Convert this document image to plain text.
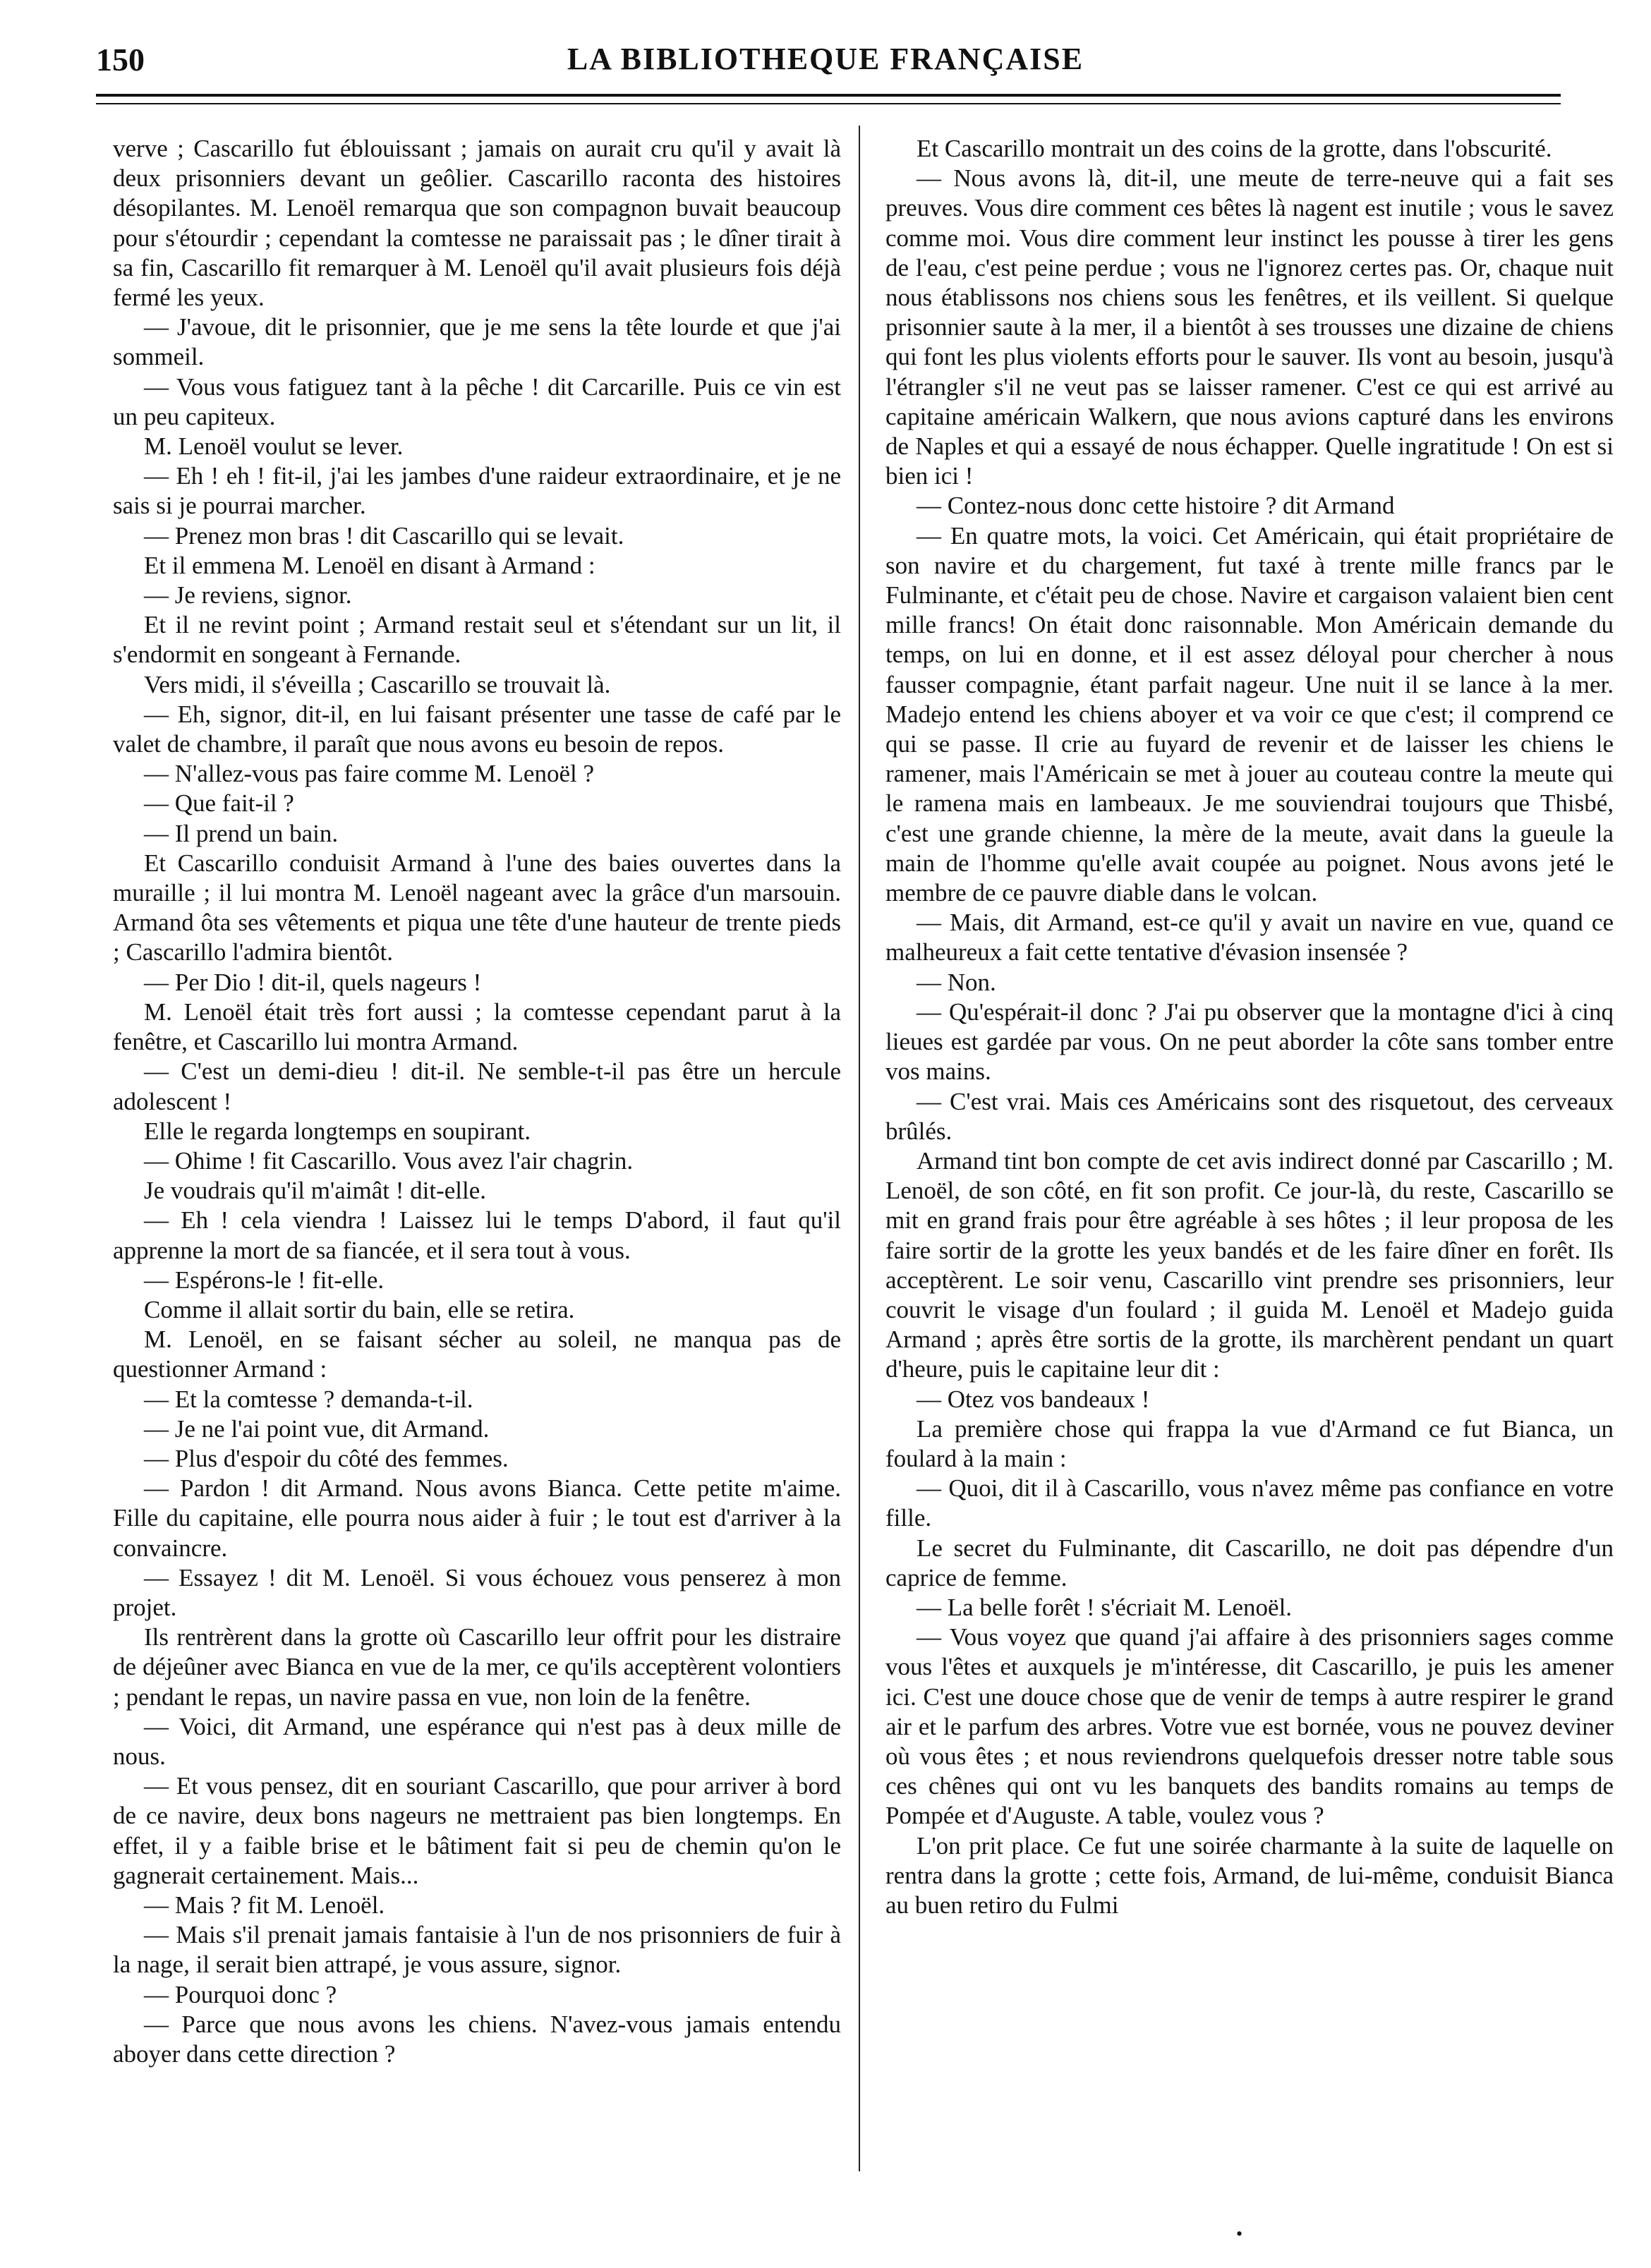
LA BIBLIOTHEQUE FRANÇAISE
150

verve ; Cascarillo fut éblouissant ; jamais on aurait cru qu'il y avait là deux prisonniers devant un geôlier. Cascarillo raconta des histoires désopilantes. M. Lenoël remarqua que son compagnon buvait beaucoup pour s'étourdir ; cependant la comtesse ne paraissait pas ; le dîner tirait à sa fin, Cascarillo fit remarquer à M. Lenoël qu'il avait plusieurs fois déjà fermé les yeux.

— J'avoue, dit le prisonnier, que je me sens la tête lourde et que j'ai sommeil.

— Vous vous fatiguez tant à la pêche ! dit Carcarille. Puis ce vin est un peu capiteux.

M. Lenoël voulut se lever.

— Eh ! eh ! fit-il, j'ai les jambes d'une raideur extraordinaire, et je ne sais si je pourrai marcher.

— Prenez mon bras ! dit Cascarillo qui se levait.

Et il emmena M. Lenoël en disant à Armand :

— Je reviens, signor.

Et il ne revint point ; Armand restait seul et s'étendant sur un lit, il s'endormit en songeant à Fernande.

Vers midi, il s'éveilla ; Cascarillo se trouvait là.

— Eh, signor, dit-il, en lui faisant présenter une tasse de café par le valet de chambre, il paraît que nous avons eu besoin de repos.

— N'allez-vous pas faire comme M. Lenoël ?

— Que fait-il ?

— Il prend un bain.

Et Cascarillo conduisit Armand à l'une des baies ouvertes dans la muraille ; il lui montra M. Lenoël nageant avec la grâce d'un marsouin. Armand ôta ses vêtements et piqua une tête d'une hauteur de trente pieds ; Cascarillo l'admira bientôt.

— Per Dio ! dit-il, quels nageurs !

M. Lenoël était très fort aussi ; la comtesse cependant parut à la fenêtre, et Cascarillo lui montra Armand.

— C'est un demi-dieu ! dit-il. Ne semble-t-il pas être un hercule adolescent !

Elle le regarda longtemps en soupirant.

— Ohime ! fit Cascarillo. Vous avez l'air chagrin.

Je voudrais qu'il m'aimât ! dit-elle.

— Eh ! cela viendra ! Laissez lui le temps D'abord, il faut qu'il apprenne la mort de sa fiancée, et il sera tout à vous.

— Espérons-le ! fit-elle.

Comme il allait sortir du bain, elle se retira.

M. Lenoël, en se faisant sécher au soleil, ne manqua pas de questionner Armand :

— Et la comtesse ? demanda-t-il.

— Je ne l'ai point vue, dit Armand.

— Plus d'espoir du côté des femmes.

— Pardon ! dit Armand. Nous avons Bianca. Cette petite m'aime. Fille du capitaine, elle pourra nous aider à fuir ; le tout est d'arriver à la convaincre.

— Essayez ! dit M. Lenoël. Si vous échouez vous penserez à mon projet.

Ils rentrèrent dans la grotte où Cascarillo leur offrit pour les distraire de déjeûner avec Bianca en vue de la mer, ce qu'ils acceptèrent volontiers ; pendant le repas, un navire passa en vue, non loin de la fenêtre.

— Voici, dit Armand, une espérance qui n'est pas à deux mille de nous.

— Et vous pensez, dit en souriant Cascarillo, que pour arriver à bord de ce navire, deux bons nageurs ne mettraient pas bien longtemps. En effet, il y a faible brise et le bâtiment fait si peu de chemin qu'on le gagnerait certainement. Mais...

— Mais ? fit M. Lenoël.

— Mais s'il prenait jamais fantaisie à l'un de nos prisonniers de fuir à la nage, il serait bien attrapé, je vous assure, signor.

— Pourquoi donc ?

— Parce que nous avons les chiens. N'avez-vous jamais entendu aboyer dans cette direction ?

Et Cascarillo montrait un des coins de la grotte, dans l'obscurité.

— Nous avons là, dit-il, une meute de terre-neuve qui a fait ses preuves. Vous dire comment ces bêtes là nagent est inutile ; vous le savez comme moi. Vous dire comment leur instinct les pousse à tirer les gens de l'eau, c'est peine perdue ; vous ne l'ignorez certes pas. Or, chaque nuit nous établissons nos chiens sous les fenêtres, et ils veillent. Si quelque prisonnier saute à la mer, il a bientôt à ses trousses une dizaine de chiens qui font les plus violents efforts pour le sauver. Ils vont au besoin, jusqu'à l'étrangler s'il ne veut pas se laisser ramener. C'est ce qui est arrivé au capitaine américain Walkern, que nous avions capturé dans les environs de Naples et qui a essayé de nous échapper. Quelle ingratitude ! On est si bien ici !

— Contez-nous donc cette histoire ? dit Armand

— En quatre mots, la voici. Cet Américain, qui était propriétaire de son navire et du chargement, fut taxé à trente mille francs par le Fulminante, et c'était peu de chose. Navire et cargaison valaient bien cent mille francs! On était donc raisonnable. Mon Américain demande du temps, on lui en donne, et il est assez déloyal pour chercher à nous fausser compagnie, étant parfait nageur. Une nuit il se lance à la mer. Madejo entend les chiens aboyer et va voir ce que c'est; il comprend ce qui se passe. Il crie au fuyard de revenir et de laisser les chiens le ramener, mais l'Américain se met à jouer au couteau contre la meute qui le ramena mais en lambeaux. Je me souviendrai toujours que Thisbé, c'est une grande chienne, la mère de la meute, avait dans la gueule la main de l'homme qu'elle avait coupée au poignet. Nous avons jeté le membre de ce pauvre diable dans le volcan.

— Mais, dit Armand, est-ce qu'il y avait un navire en vue, quand ce malheureux a fait cette tentative d'évasion insensée ?

— Non.

— Qu'espérait-il donc ? J'ai pu observer que la montagne d'ici à cinq lieues est gardée par vous. On ne peut aborder la côte sans tomber entre vos mains.

— C'est vrai. Mais ces Américains sont des risquetout, des cerveaux brûlés.

Armand tint bon compte de cet avis indirect donné par Cascarillo ; M. Lenoël, de son côté, en fit son profit. Ce jour-là, du reste, Cascarillo se mit en grand frais pour être agréable à ses hôtes ; il leur proposa de les faire sortir de la grotte les yeux bandés et de les faire dîner en forêt. Ils acceptèrent. Le soir venu, Cascarillo vint prendre ses prisonniers, leur couvrit le visage d'un foulard ; il guida M. Lenoël et Madejo guida Armand ; après être sortis de la grotte, ils marchèrent pendant un quart d'heure, puis le capitaine leur dit :

— Otez vos bandeaux !

La première chose qui frappa la vue d'Armand ce fut Bianca, un foulard à la main :

— Quoi, dit il à Cascarillo, vous n'avez même pas confiance en votre fille.

Le secret du Fulminante, dit Cascarillo, ne doit pas dépendre d'un caprice de femme.

— La belle forêt ! s'écriait M. Lenoël.

— Vous voyez que quand j'ai affaire à des prisonniers sages comme vous l'êtes et auxquels je m'intéresse, dit Cascarillo, je puis les amener ici. C'est une douce chose que de venir de temps à autre respirer le grand air et le parfum des arbres. Votre vue est bornée, vous ne pouvez deviner où vous êtes ; et nous reviendrons quelquefois dresser notre table sous ces chênes qui ont vu les banquets des bandits romains au temps de Pompée et d'Auguste. A table, voulez vous ?

L'on prit place. Ce fut une soirée charmante à la suite de laquelle on rentra dans la grotte ; cette fois, Armand, de lui-même, conduisit Bianca au buen retiro du Fulmi

•
